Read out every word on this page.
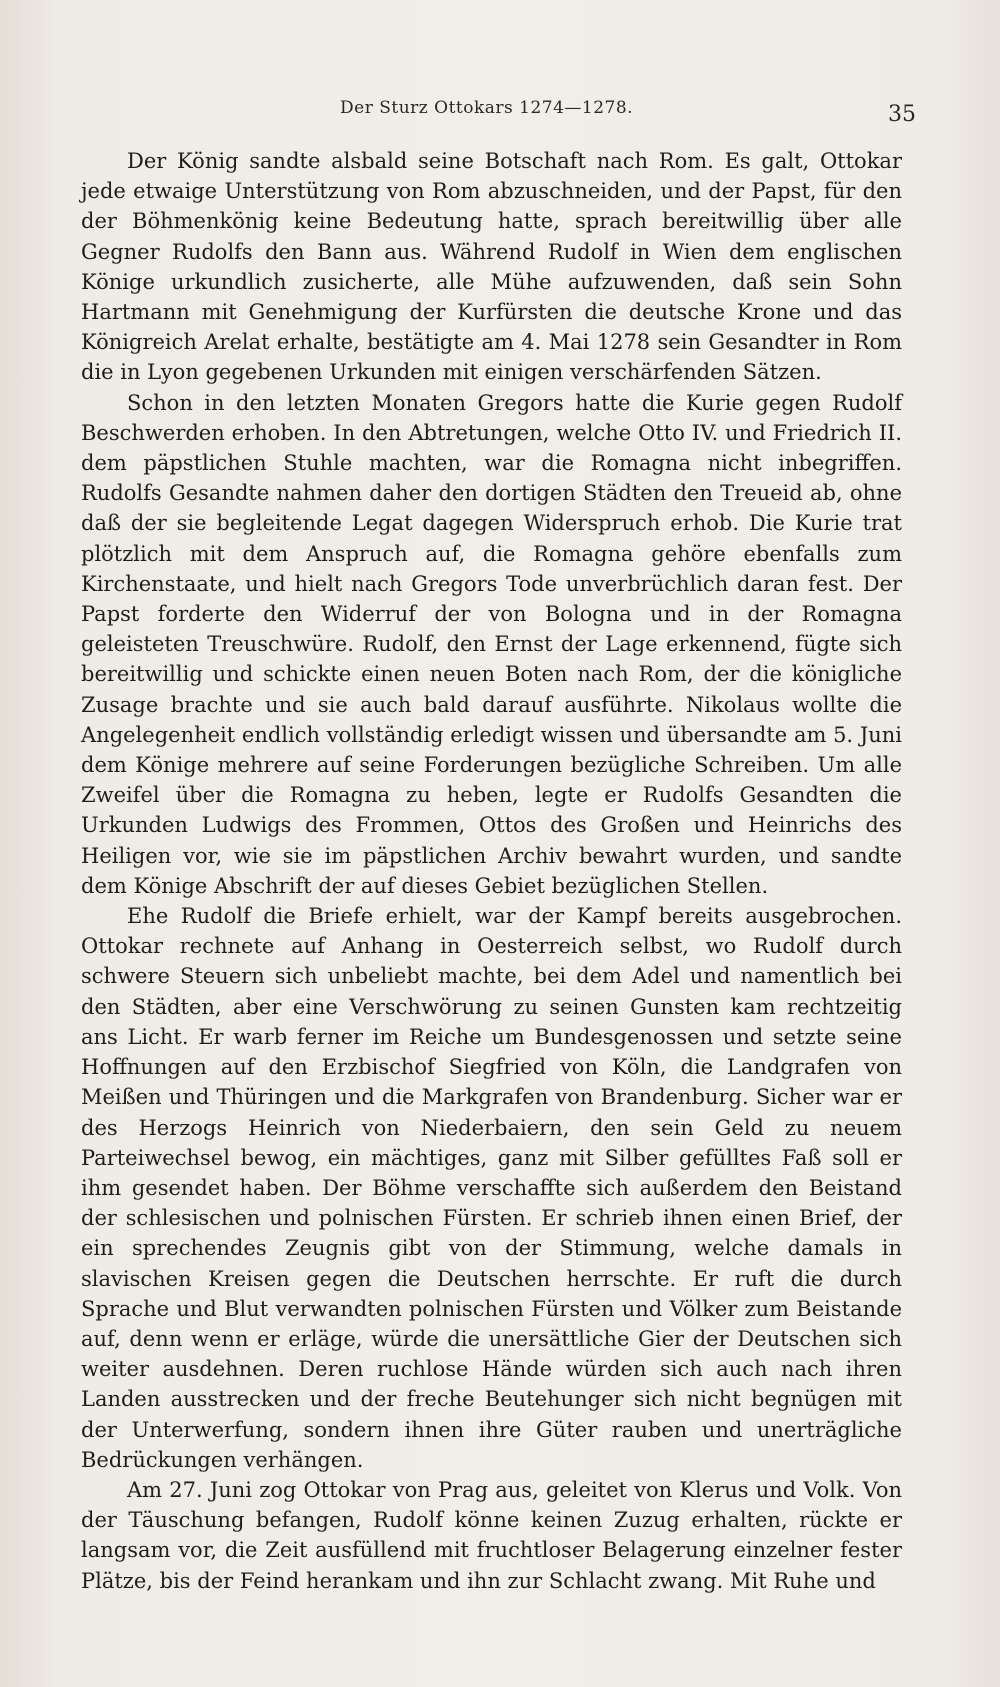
Der Sturz Ottokars 1274—1278.	35

Der König sandte alsbald seine Botschaft nach Rom. Es galt, Ottokar jede etwaige Unterstützung von Rom abzuschneiden, und der Papst, für den der Böhmenkönig keine Bedeutung hatte, sprach bereitwillig über alle Gegner Rudolfs den Bann aus. Während Rudolf in Wien dem englischen Könige urkundlich zusicherte, alle Mühe aufzuwenden, daß sein Sohn Hartmann mit Genehmigung der Kurfürsten die deutsche Krone und das Königreich Arelat erhalte, bestätigte am 4. Mai 1278 sein Gesandter in Rom die in Lyon gegebenen Urkunden mit einigen verschärfenden Sätzen.

Schon in den letzten Monaten Gregors hatte die Kurie gegen Rudolf Beschwerden erhoben. In den Abtretungen, welche Otto IV. und Friedrich II. dem päpstlichen Stuhle machten, war die Romagna nicht inbegriffen. Rudolfs Gesandte nahmen daher den dortigen Städten den Treueid ab, ohne daß der sie begleitende Legat dagegen Widerspruch erhob. Die Kurie trat plötzlich mit dem Anspruch auf, die Romagna gehöre ebenfalls zum Kirchenstaate, und hielt nach Gregors Tode unverbrüchlich daran fest. Der Papst forderte den Widerruf der von Bologna und in der Romagna geleisteten Treuschwüre. Rudolf, den Ernst der Lage erkennend, fügte sich bereitwillig und schickte einen neuen Boten nach Rom, der die königliche Zusage brachte und sie auch bald darauf ausführte. Nikolaus wollte die Angelegenheit endlich vollständig erledigt wissen und übersandte am 5. Juni dem Könige mehrere auf seine Forderungen bezügliche Schreiben. Um alle Zweifel über die Romagna zu heben, legte er Rudolfs Gesandten die Urkunden Ludwigs des Frommen, Ottos des Großen und Heinrichs des Heiligen vor, wie sie im päpstlichen Archiv bewahrt wurden, und sandte dem Könige Abschrift der auf dieses Gebiet bezüglichen Stellen.

Ehe Rudolf die Briefe erhielt, war der Kampf bereits ausgebrochen. Ottokar rechnete auf Anhang in Oesterreich selbst, wo Rudolf durch schwere Steuern sich unbeliebt machte, bei dem Adel und namentlich bei den Städten, aber eine Verschwörung zu seinen Gunsten kam rechtzeitig ans Licht. Er warb ferner im Reiche um Bundesgenossen und setzte seine Hoffnungen auf den Erzbischof Siegfried von Köln, die Landgrafen von Meißen und Thüringen und die Markgrafen von Brandenburg. Sicher war er des Herzogs Heinrich von Niederbaiern, den sein Geld zu neuem Parteiwechsel bewog, ein mächtiges, ganz mit Silber gefülltes Faß soll er ihm gesendet haben. Der Böhme verschaffte sich außerdem den Beistand der schlesischen und polnischen Fürsten. Er schrieb ihnen einen Brief, der ein sprechendes Zeugnis gibt von der Stimmung, welche damals in slavischen Kreisen gegen die Deutschen herrschte. Er ruft die durch Sprache und Blut verwandten polnischen Fürsten und Völker zum Beistande auf, denn wenn er erläge, würde die unersättliche Gier der Deutschen sich weiter ausdehnen. Deren ruchlose Hände würden sich auch nach ihren Landen ausstrecken und der freche Beutehunger sich nicht begnügen mit der Unterwerfung, sondern ihnen ihre Güter rauben und unerträgliche Bedrückungen verhängen.

Am 27. Juni zog Ottokar von Prag aus, geleitet von Klerus und Volk. Von der Täuschung befangen, Rudolf könne keinen Zuzug erhalten, rückte er langsam vor, die Zeit ausfüllend mit fruchtloser Belagerung einzelner fester Plätze, bis der Feind herankam und ihn zur Schlacht zwang. Mit Ruhe und
